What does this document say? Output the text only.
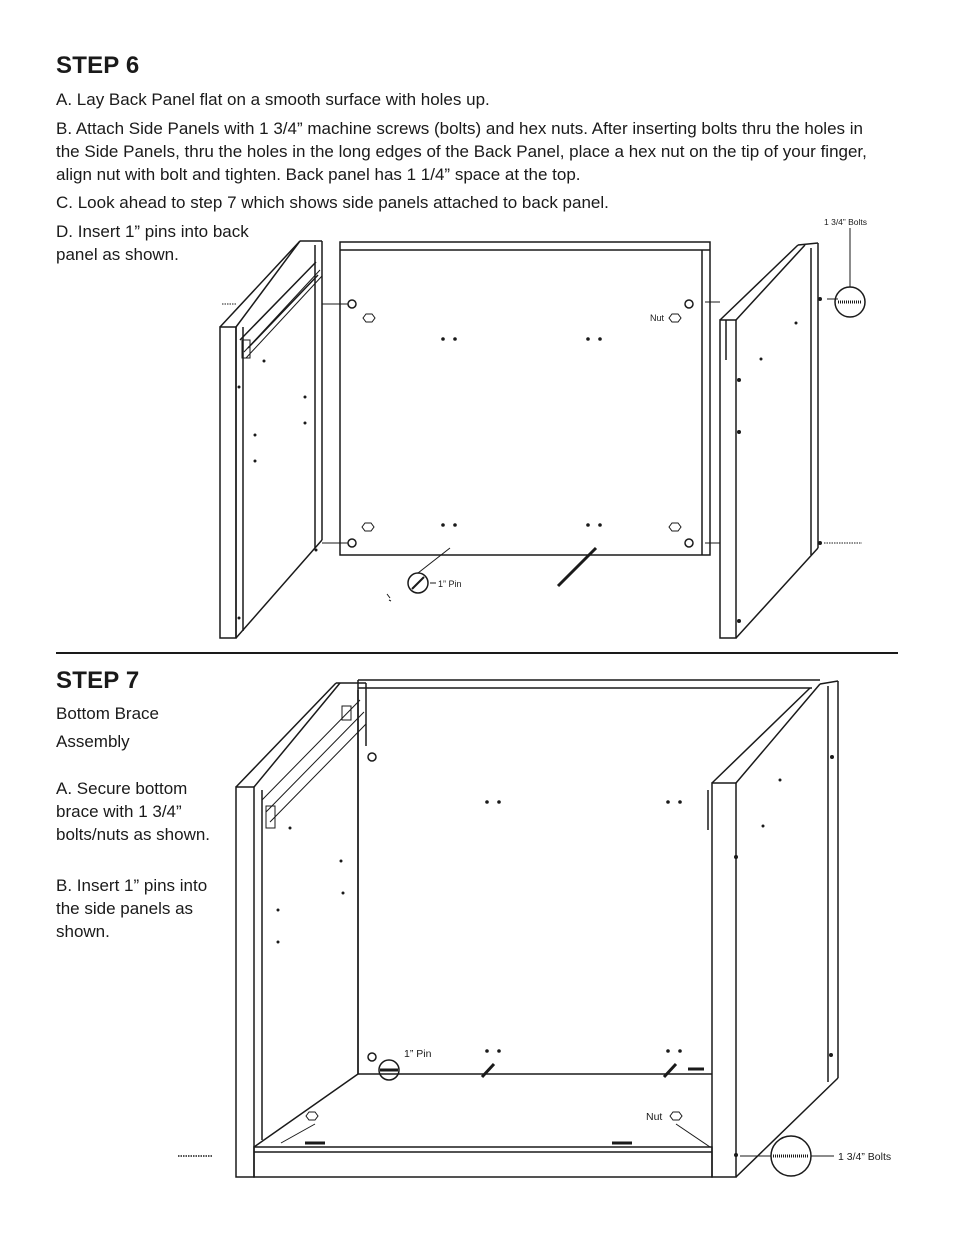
STEP 6

A. Lay Back Panel flat on a smooth surface with holes up.

B. Attach Side Panels with 1 3/4” machine screws (bolts) and hex nuts. After inserting bolts thru the holes in the Side Panels, thru the holes in the long edges of the Back Panel, place a hex nut on the tip of your finger, align nut with bolt and tighten. Back panel has 1 1/4” space at the top.

C. Look ahead to step 7 which shows side panels attached to back panel.

D. Insert 1” pins into back panel as shown.

STEP 7

Bottom Brace Assembly

A. Secure bottom brace with 1 3/4” bolts/nuts as shown.

B. Insert 1” pins into the side panels as shown.

1 3/4” Bolts
Nut
1” Pin
1” Pin
Nut
1 3/4” Bolts
